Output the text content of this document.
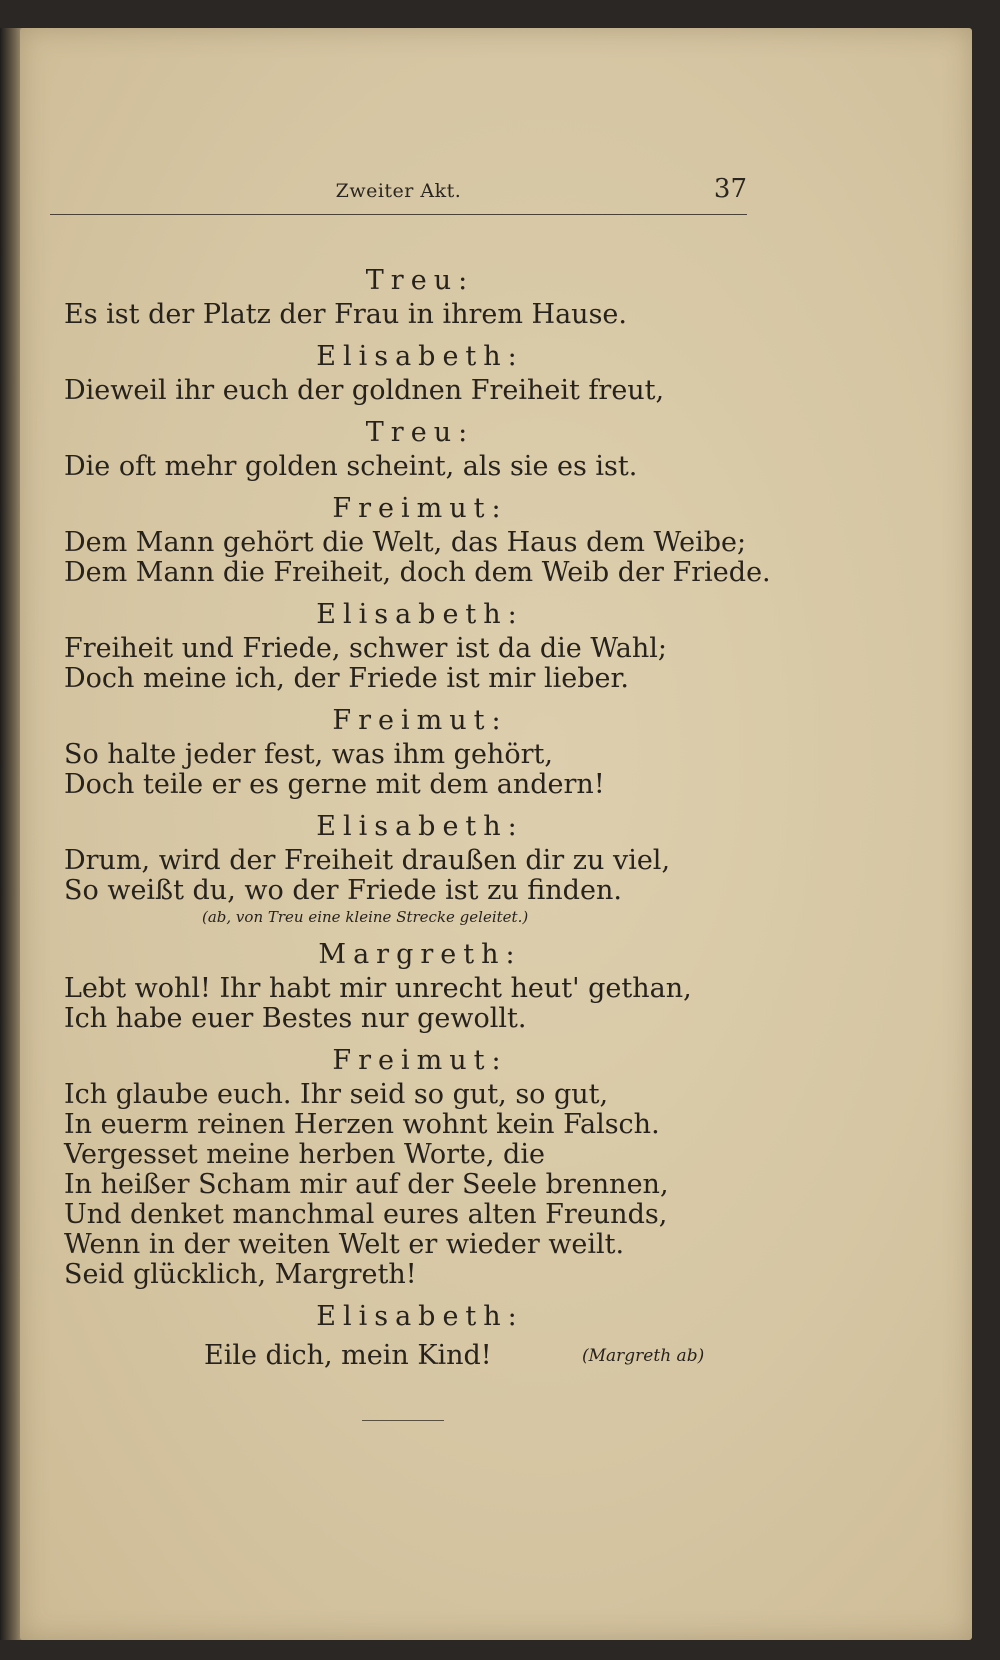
Zweiter Akt.	37
Treu:
Es ist der Platz der Frau in ihrem Hause.
Elisabeth:
Dieweil ihr euch der goldnen Freiheit freut,
Treu:
Die oft mehr golden scheint, als sie es ist.
Freimut:
Dem Mann gehört die Welt, das Haus dem Weibe;
Dem Mann die Freiheit, doch dem Weib der Friede.
Elisabeth:
Freiheit und Friede, schwer ist da die Wahl;
Doch meine ich, der Friede ist mir lieber.
Freimut:
So halte jeder fest, was ihm gehört,
Doch teile er es gerne mit dem andern!
Elisabeth:
Drum, wird der Freiheit draußen dir zu viel,
So weißt du, wo der Friede ist zu finden.
(ab, von Treu eine kleine Strecke geleitet.)
Margreth:
Lebt wohl! Ihr habt mir unrecht heut' gethan,
Ich habe euer Bestes nur gewollt.
Freimut:
Ich glaube euch. Ihr seid so gut, so gut,
In euerm reinen Herzen wohnt kein Falsch.
Vergesset meine herben Worte, die
In heißer Scham mir auf der Seele brennen,
Und denket manchmal eures alten Freunds,
Wenn in der weiten Welt er wieder weilt.
Seid glücklich, Margreth!
Elisabeth:
Eile dich, mein Kind!	(Margreth ab)
